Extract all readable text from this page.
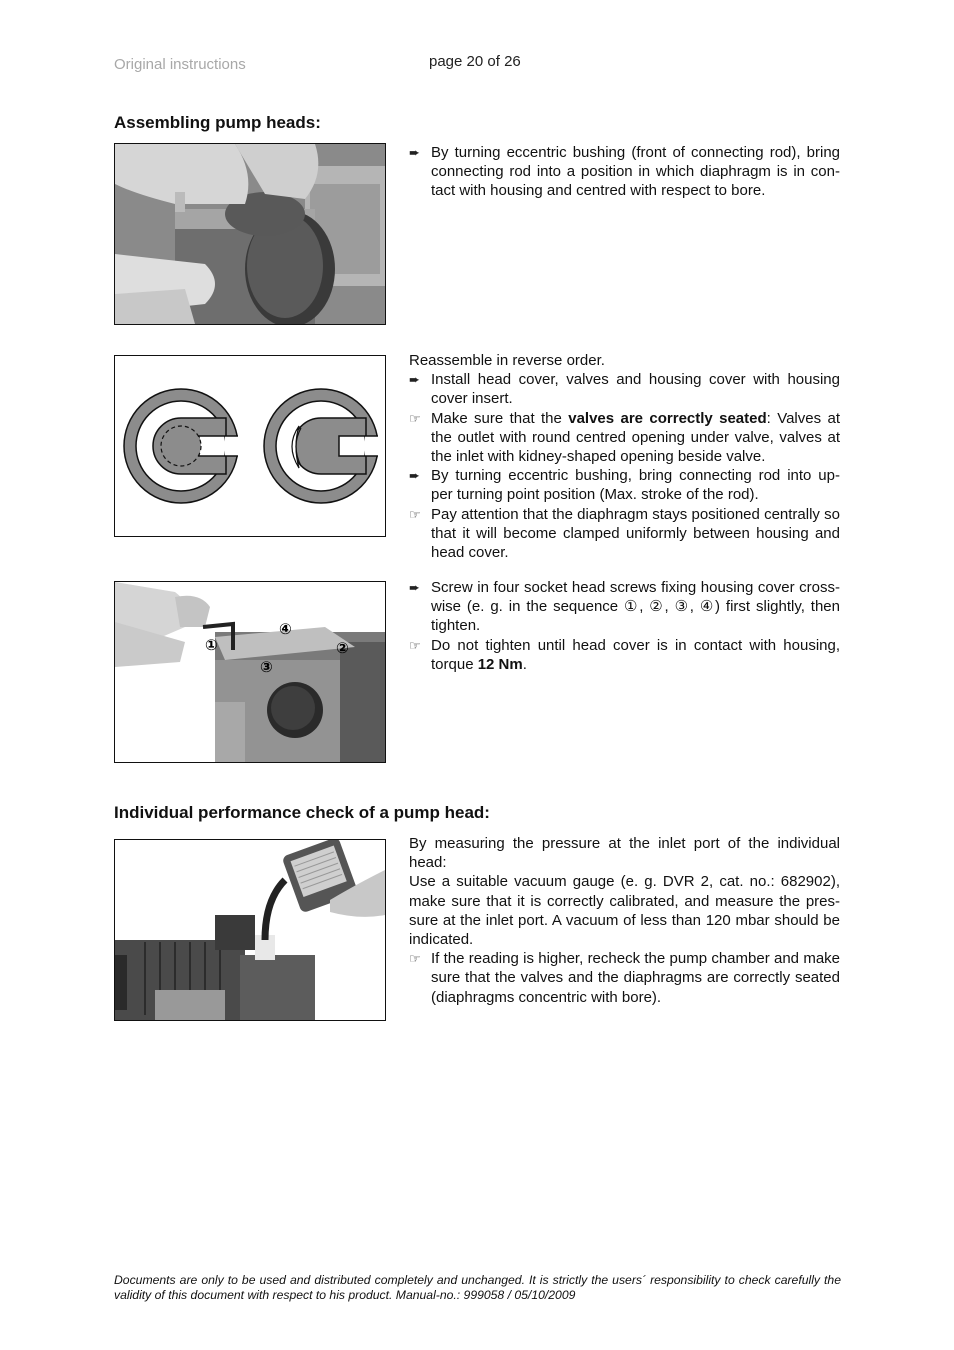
Original instructions	page 20 of 26
Assembling pump heads:
➨ By turning eccentric bushing (front of connecting rod), bring connecting rod into a position in which diaphragm is in con- tact with housing and centred with respect to bore.
Reassemble in reverse order.
➨ Install head cover, valves and housing cover with housing cover insert.
☞ Make sure that the valves are correctly seated: Valves at the outlet with round centred opening under valve, valves at the inlet with kidney-shaped opening beside valve.
➨ By turning eccentric bushing, bring connecting rod into up- per turning point position (Max. stroke of the rod).
☞ Pay attention that the diaphragm stays positioned centrally so that it will become clamped uniformly between housing and head cover.
①	②
③
④
➨ Screw in four socket head screws fixing housing cover cross- wise (e. g. in the sequence ①, ②, ③, ④) first slightly, then tighten.
☞ Do not tighten until head cover is in contact with housing, torque 12 Nm.
Individual performance check of a pump head:
By measuring the pressure at the inlet port of the individual head:
Use a suitable vacuum gauge (e. g. DVR 2, cat. no.: 682902), make sure that it is correctly calibrated, and measure the pres- sure at the inlet port. A vacuum of less than 120 mbar should be indicated.
☞ If the reading is higher, recheck the pump chamber and make sure that the valves and the diaphragms are correctly seated (diaphragms concentric with bore).
Documents are only to be used and distributed completely and unchanged. It is strictly the users´ responsibility to check carefully the validity of this document with respect to his product. Manual-no.: 999058 / 05/10/2009
